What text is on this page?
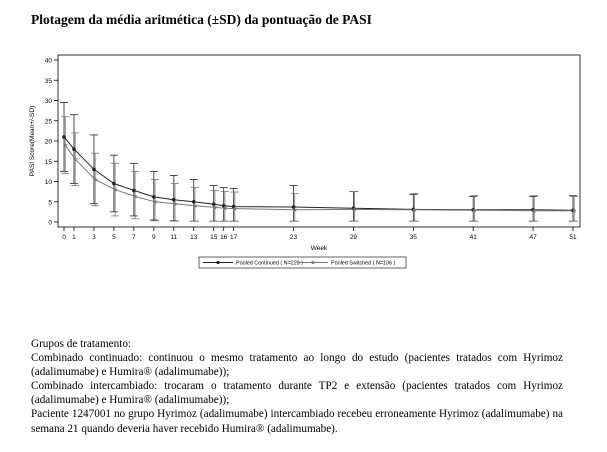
Plotagem da média aritmética (±SD) da pontuação de PASI
0
5
10
15
20
25
30
35
40
0 1	3	5	7	9 11 13 15 16 17	23	29	35	41	47	51
Week
PASI Score(Mean+/-SD)
Pooled Continued ( N=220 )	Pooled Switched ( N=106 )

Grupos de tratamento:

Combinado continuado: continuou o mesmo tratamento ao longo do estudo (pacientes tratados com Hyrimoz (adalimumabe) e Humira® (adalimumabe));

Combinado intercambiado: trocaram o tratamento durante TP2 e extensão (pacientes tratados com Hyrimoz (adalimumabe) e Humira® (adalimumabe));

Paciente 1247001 no grupo Hyrimoz (adalimumabe) intercambiado recebeu erroneamente Hyrimoz (adalimumabe) na semana 21 quando deveria haver recebido Humira® (adalimumabe).
